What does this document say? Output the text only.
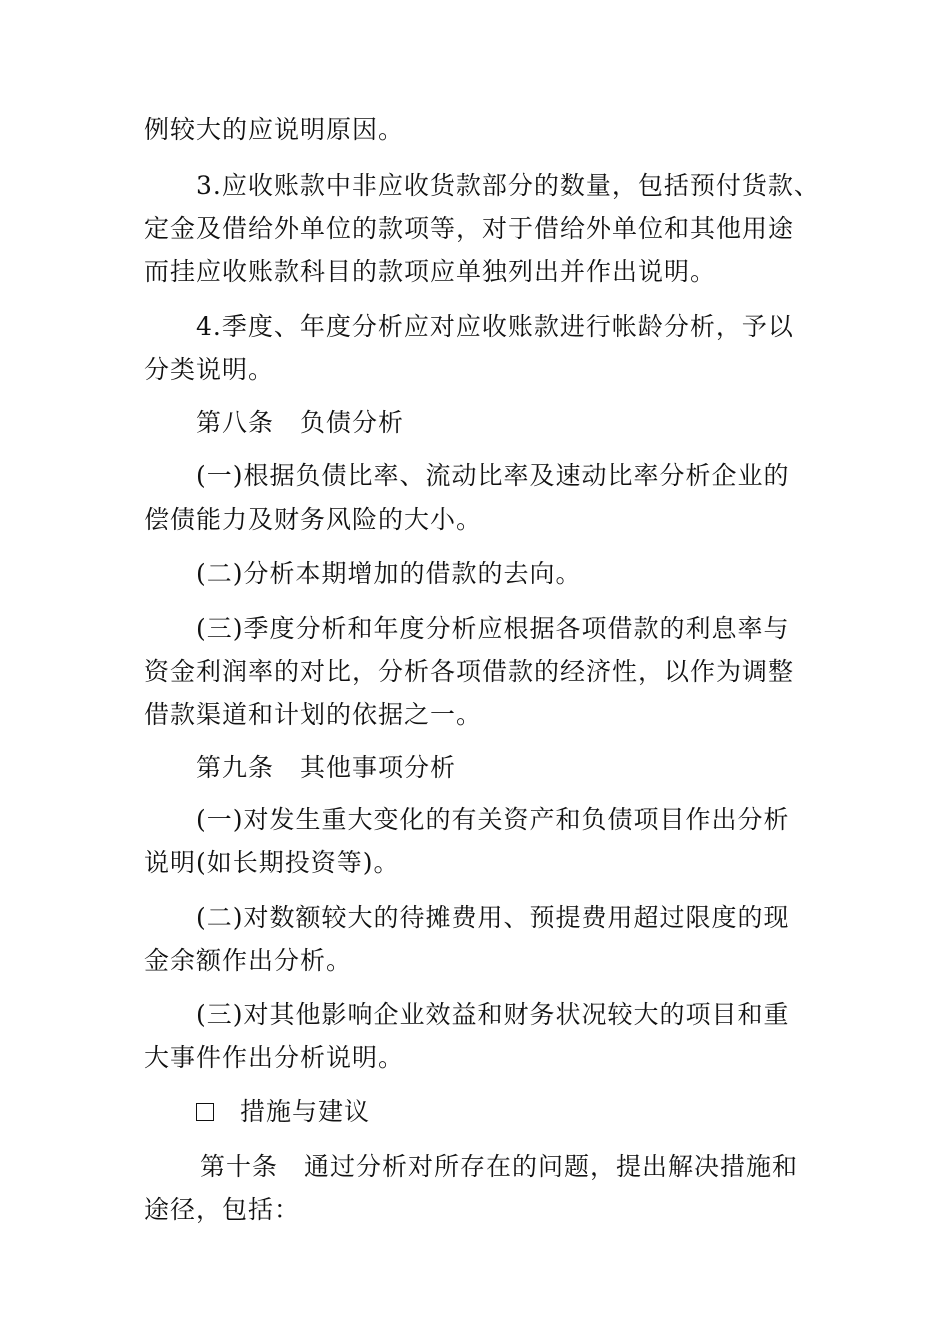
例较大的应说明原因。
3.应收账款中非应收货款部分的数量，包括预付货款、
定金及借给外单位的款项等，对于借给外单位和其他用途
而挂应收账款科目的款项应单独列出并作出说明。
4.季度、年度分析应对应收账款进行帐龄分析，予以
分类说明。
第八条　负债分析
(一)根据负债比率、流动比率及速动比率分析企业的
偿债能力及财务风险的大小。
(二)分析本期增加的借款的去向。
(三)季度分析和年度分析应根据各项借款的利息率与
资金利润率的对比，分析各项借款的经济性，以作为调整
借款渠道和计划的依据之一。
第九条　其他事项分析
(一)对发生重大变化的有关资产和负债项目作出分析
说明(如长期投资等)。
(二)对数额较大的待摊费用、预提费用超过限度的现
金余额作出分析。
(三)对其他影响企业效益和财务状况较大的项目和重
大事件作出分析说明。
措施与建议
第十条　通过分析对所存在的问题，提出解决措施和
途径，包括：
